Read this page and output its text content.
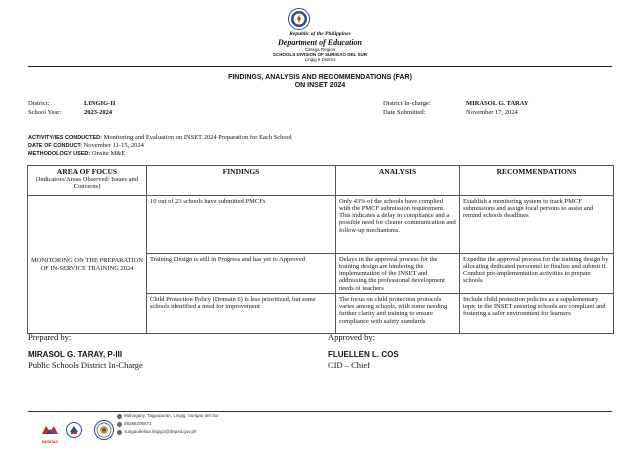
Republic of the Philippines
Department of Education
Caraga Region
SCHOOLS DIVISION OF SURIGAO DEL SUR
Lingig II District
FINDINGS, ANALYSIS AND RECOMMENDATIONS (FAR)
ON INSET 2024
District:	LINGIG-II
School Year:	2023-2024
District In-charge:	MIRASOL G. TARAY
Date Submitted:	November 17, 2024
ACTIVITY/IES CONDUCTED: Monitoring and Evaluation on INSET 2024 Preparation for Each School
DATE OF CONDUCT: November 11-15, 2024
METHODOLOGY USED: Onsite M&E
AREA OF FOCUS
(Indicators/Areas Observed/ Issues and Concerns)	FINDINGS	ANALYSIS	RECOMMENDATIONS
MONITORING ON THE PREPARATION OF IN-SERVICE TRAINING 2024	10 out of 23 schools have submitted PMCFs	Only 43% of the schools have complied with the PMCF submission requirement. This indicates a delay in compliance and a possible need for clearer communication and follow-up mechanisms.	Establish a monitoring system to track PMCF submissions and assign focal persons to assist and remind schools deadlines
	Training Design is still in Progress and has yet to Approved	Delays in the approval process for the training design are hindering the implementation of the INSET and addressing the professional development needs of teachers	Expedite the approval process for the training design by allocating dedicated personnel to finalize and submit it. Conduct pre-implementation activities to prepare schools
	Child Protection Policy (Domain 6) is less prioritized, but some schools identified a need for improvement	The focus on child protection protocols varies among schools, with some needing further clarity and training to ensure compliance with safety standards	Include child protection policies as a supplementary topic in the INSET ensuring schools are compliant and fostering a safer environment for learners
Prepared by:
MIRASOL G. TARAY, P-III
Public Schools District In-Charge
Approved by:
FLUELLEN L. COS
CID – Chief
MATATAG
Mahogany, Tagpupuran, Lingig, Surigao del Sur
09285206671
surigaodelsur.lingig2@deped.gov.ph
